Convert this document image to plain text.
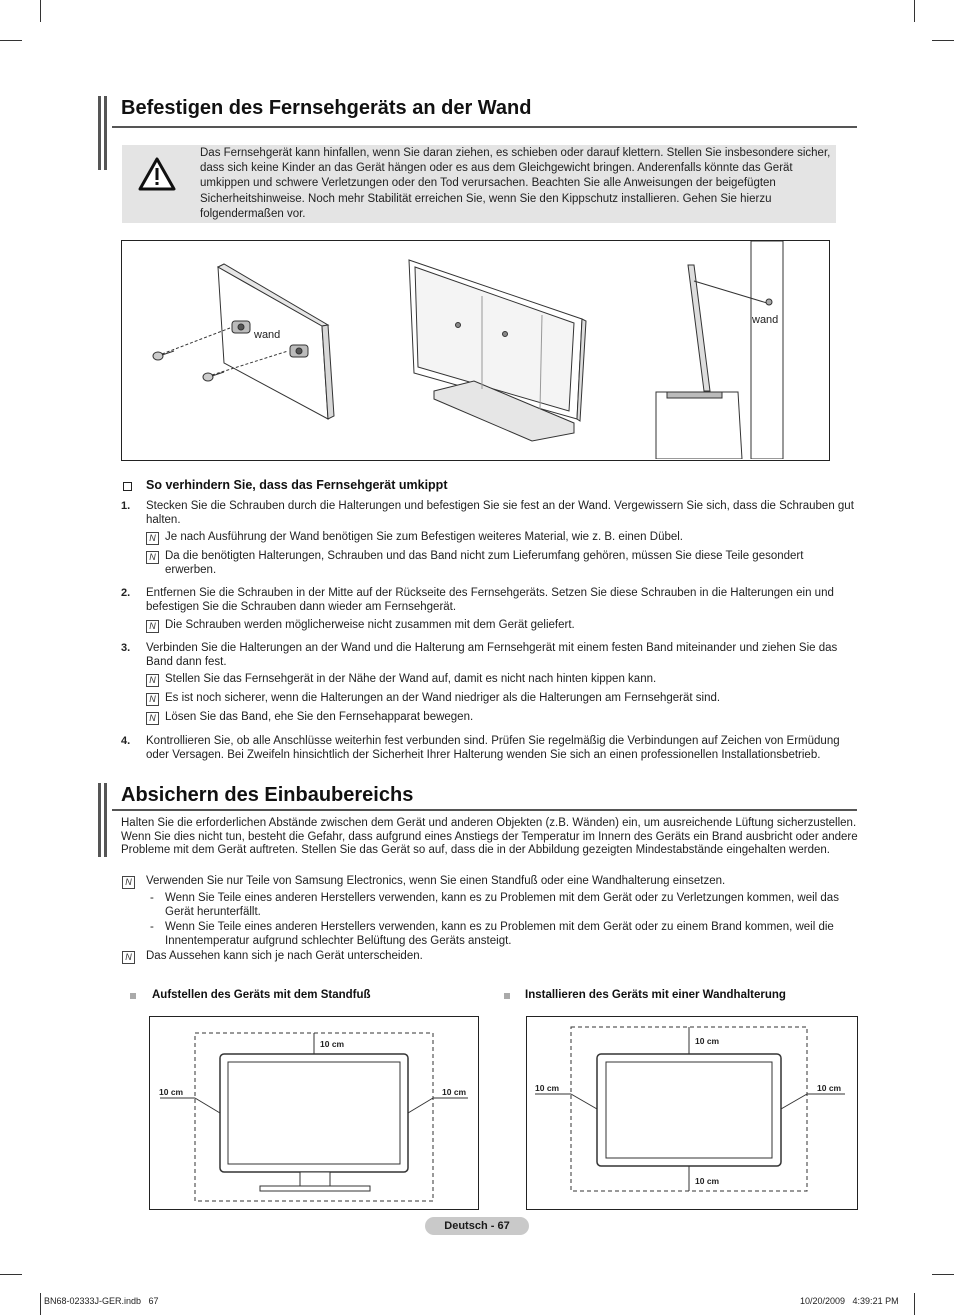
Befestigen des Fernsehgeräts an der Wand
Das Fernsehgerät kann hinfallen, wenn Sie daran ziehen, es schieben oder darauf klettern. Stellen Sie insbesondere sicher, dass sich keine Kinder an das Gerät hängen oder es aus dem Gleichgewicht bringen. Anderenfalls könnte das Gerät umkippen und schwere Verletzungen oder den Tod verursachen. Beachten Sie alle Anweisungen der beigefügten Sicherheitshinweise. Noch mehr Stabilität erreichen Sie, wenn Sie den Kippschutz installieren. Gehen Sie hierzu folgendermaßen vor.
wand
wand
So verhindern Sie, dass das Fernsehgerät umkippt
1. Stecken Sie die Schrauben durch die Halterungen und befestigen Sie sie fest an der Wand. Vergewissern Sie sich, dass die Schrauben gut halten.
N Je nach Ausführung der Wand benötigen Sie zum Befestigen weiteres Material, wie z. B. einen Dübel.
N Da die benötigten Halterungen, Schrauben und das Band nicht zum Lieferumfang gehören, müssen Sie diese Teile gesondert erwerben.
2. Entfernen Sie die Schrauben in der Mitte auf der Rückseite des Fernsehgeräts. Setzen Sie diese Schrauben in die Halterungen ein und befestigen Sie die Schrauben dann wieder am Fernsehgerät.
N Die Schrauben werden möglicherweise nicht zusammen mit dem Gerät geliefert.
3. Verbinden Sie die Halterungen an der Wand und die Halterung am Fernsehgerät mit einem festen Band miteinander und ziehen Sie das Band dann fest.
N Stellen Sie das Fernsehgerät in der Nähe der Wand auf, damit es nicht nach hinten kippen kann.
N Es ist noch sicherer, wenn die Halterungen an der Wand niedriger als die Halterungen am Fernsehgerät sind.
N Lösen Sie das Band, ehe Sie den Fernsehapparat bewegen.
4. Kontrollieren Sie, ob alle Anschlüsse weiterhin fest verbunden sind. Prüfen Sie regelmäßig die Verbindungen auf Zeichen von Ermüdung oder Versagen. Bei Zweifeln hinsichtlich der Sicherheit Ihrer Halterung wenden Sie sich an einen professionellen Installationsbetrieb.
Absichern des Einbaubereichs
Halten Sie die erforderlichen Abstände zwischen dem Gerät und anderen Objekten (z.B. Wänden) ein, um ausreichende Lüftung sicherzustellen. Wenn Sie dies nicht tun, besteht die Gefahr, dass aufgrund eines Anstiegs der Temperatur im Innern des Geräts ein Brand ausbricht oder andere Probleme mit dem Gerät auftreten. Stellen Sie das Gerät so auf, dass die in der Abbildung gezeigten Mindestabstände eingehalten werden.
N Verwenden Sie nur Teile von Samsung Electronics, wenn Sie einen Standfuß oder eine Wandhalterung einsetzen.
- Wenn Sie Teile eines anderen Herstellers verwenden, kann es zu Problemen mit dem Gerät oder zu Verletzungen kommen, weil das Gerät herunterfällt.
- Wenn Sie Teile eines anderen Herstellers verwenden, kann es zu Problemen mit dem Gerät oder zu einem Brand kommen, weil die Innentemperatur aufgrund schlechter Belüftung des Geräts ansteigt.
N Das Aussehen kann sich je nach Gerät unterscheiden.
Aufstellen des Geräts mit dem Standfuß	Installieren des Geräts mit einer Wandhalterung
10 cm
10 cm	10 cm
10 cm
10 cm	10 cm
10 cm
Deutsch - 67
BN68-02333J-GER.indb   67	10/20/2009   4:39:21 PM
